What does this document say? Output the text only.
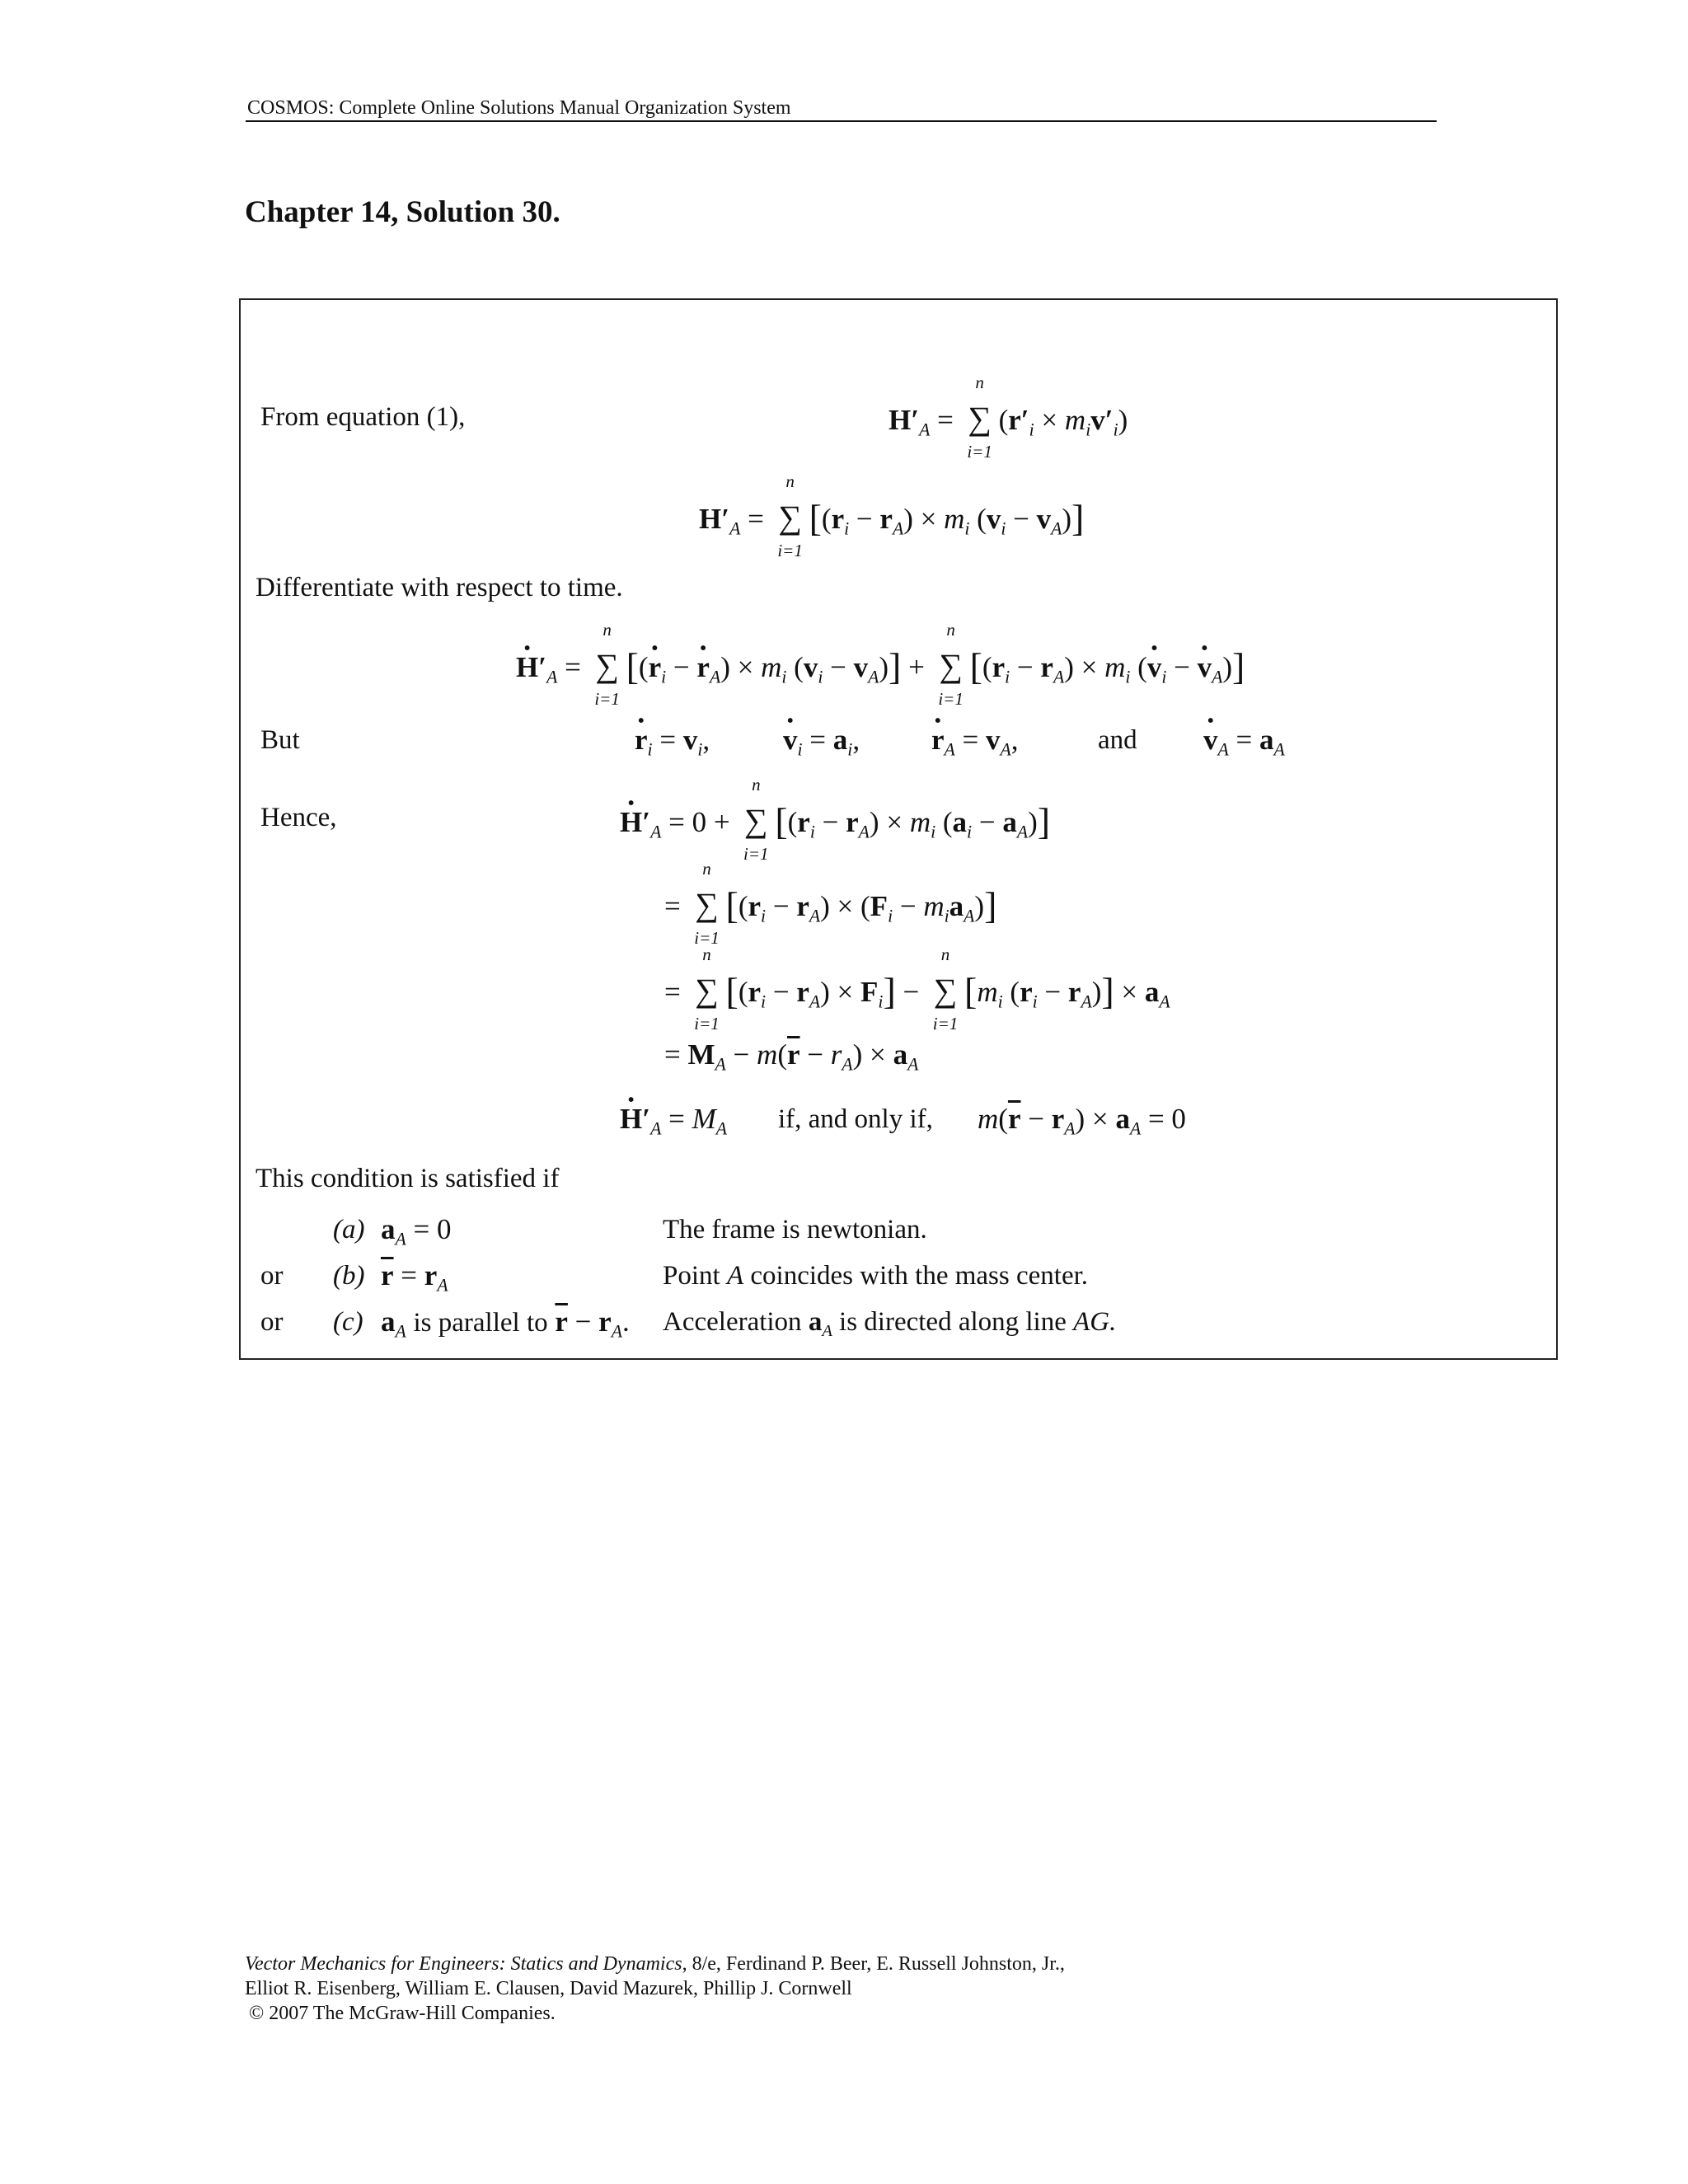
COSMOS: Complete Online Solutions Manual Organization System
Chapter 14, Solution 30.
From equation (1),	$H'_A$ =
n
∑
i=1
$(r'_i \times m_iv'_i)$
$H'_A$ =
n
∑
i=1
[$(r_i - r_A) \times m_i$ $(v_i - v_A)$]
Differentiate with respect to time.
· $H'_A$ =
n
∑
i=1
[(· $r_i$ − · $r_A) \times m_i$ $(v_i - v_A)$] +
n
∑
i=1
[$(r_i - r_A) \times m_i$ (· $v_i$ − · $v_A$)]
But	· $r_i = v_i$,	· $v_i = a_i$, · $r_A = v_A$,	and · $v_A = a_A$
Hence,	· $H'_A = 0$ +
n
∑
i=1
[$(r_i - r_A) \times m_i$ $(a_i - a_A)$]
=
n
∑
i=1
$[(r_i - r_A) \times (F_i - m_ia_A)]$
=
n
∑
i=1
$[(r_i - r_A) \times F_i]$ −
n
∑
i=1
[$m_i$ $(r_i - r_A)] \times a_A$
= $M_A - m(\overline{r} - r_A) \times a_A$
· $H'_A = M_A$ if, and only if, $m(\overline{r} - r_A) \times a_A = 0$
This condition is satisfied if
(a) $a_A = 0$	The frame is newtonian.
or (b) $\overline{r} = r_A$	Point A coincides with the mass center.
or (c) $a_A$ is parallel to $\overline{r} - r_A$. Acceleration $a_A$ is directed along line AG.
Vector Mechanics for Engineers: Statics and Dynamics, 8/e, Ferdinand P. Beer, E. Russell Johnston, Jr.,
Elliot R. Eisenberg, William E. Clausen, David Mazurek, Phillip J. Cornwell
© 2007 The McGraw-Hill Companies.
